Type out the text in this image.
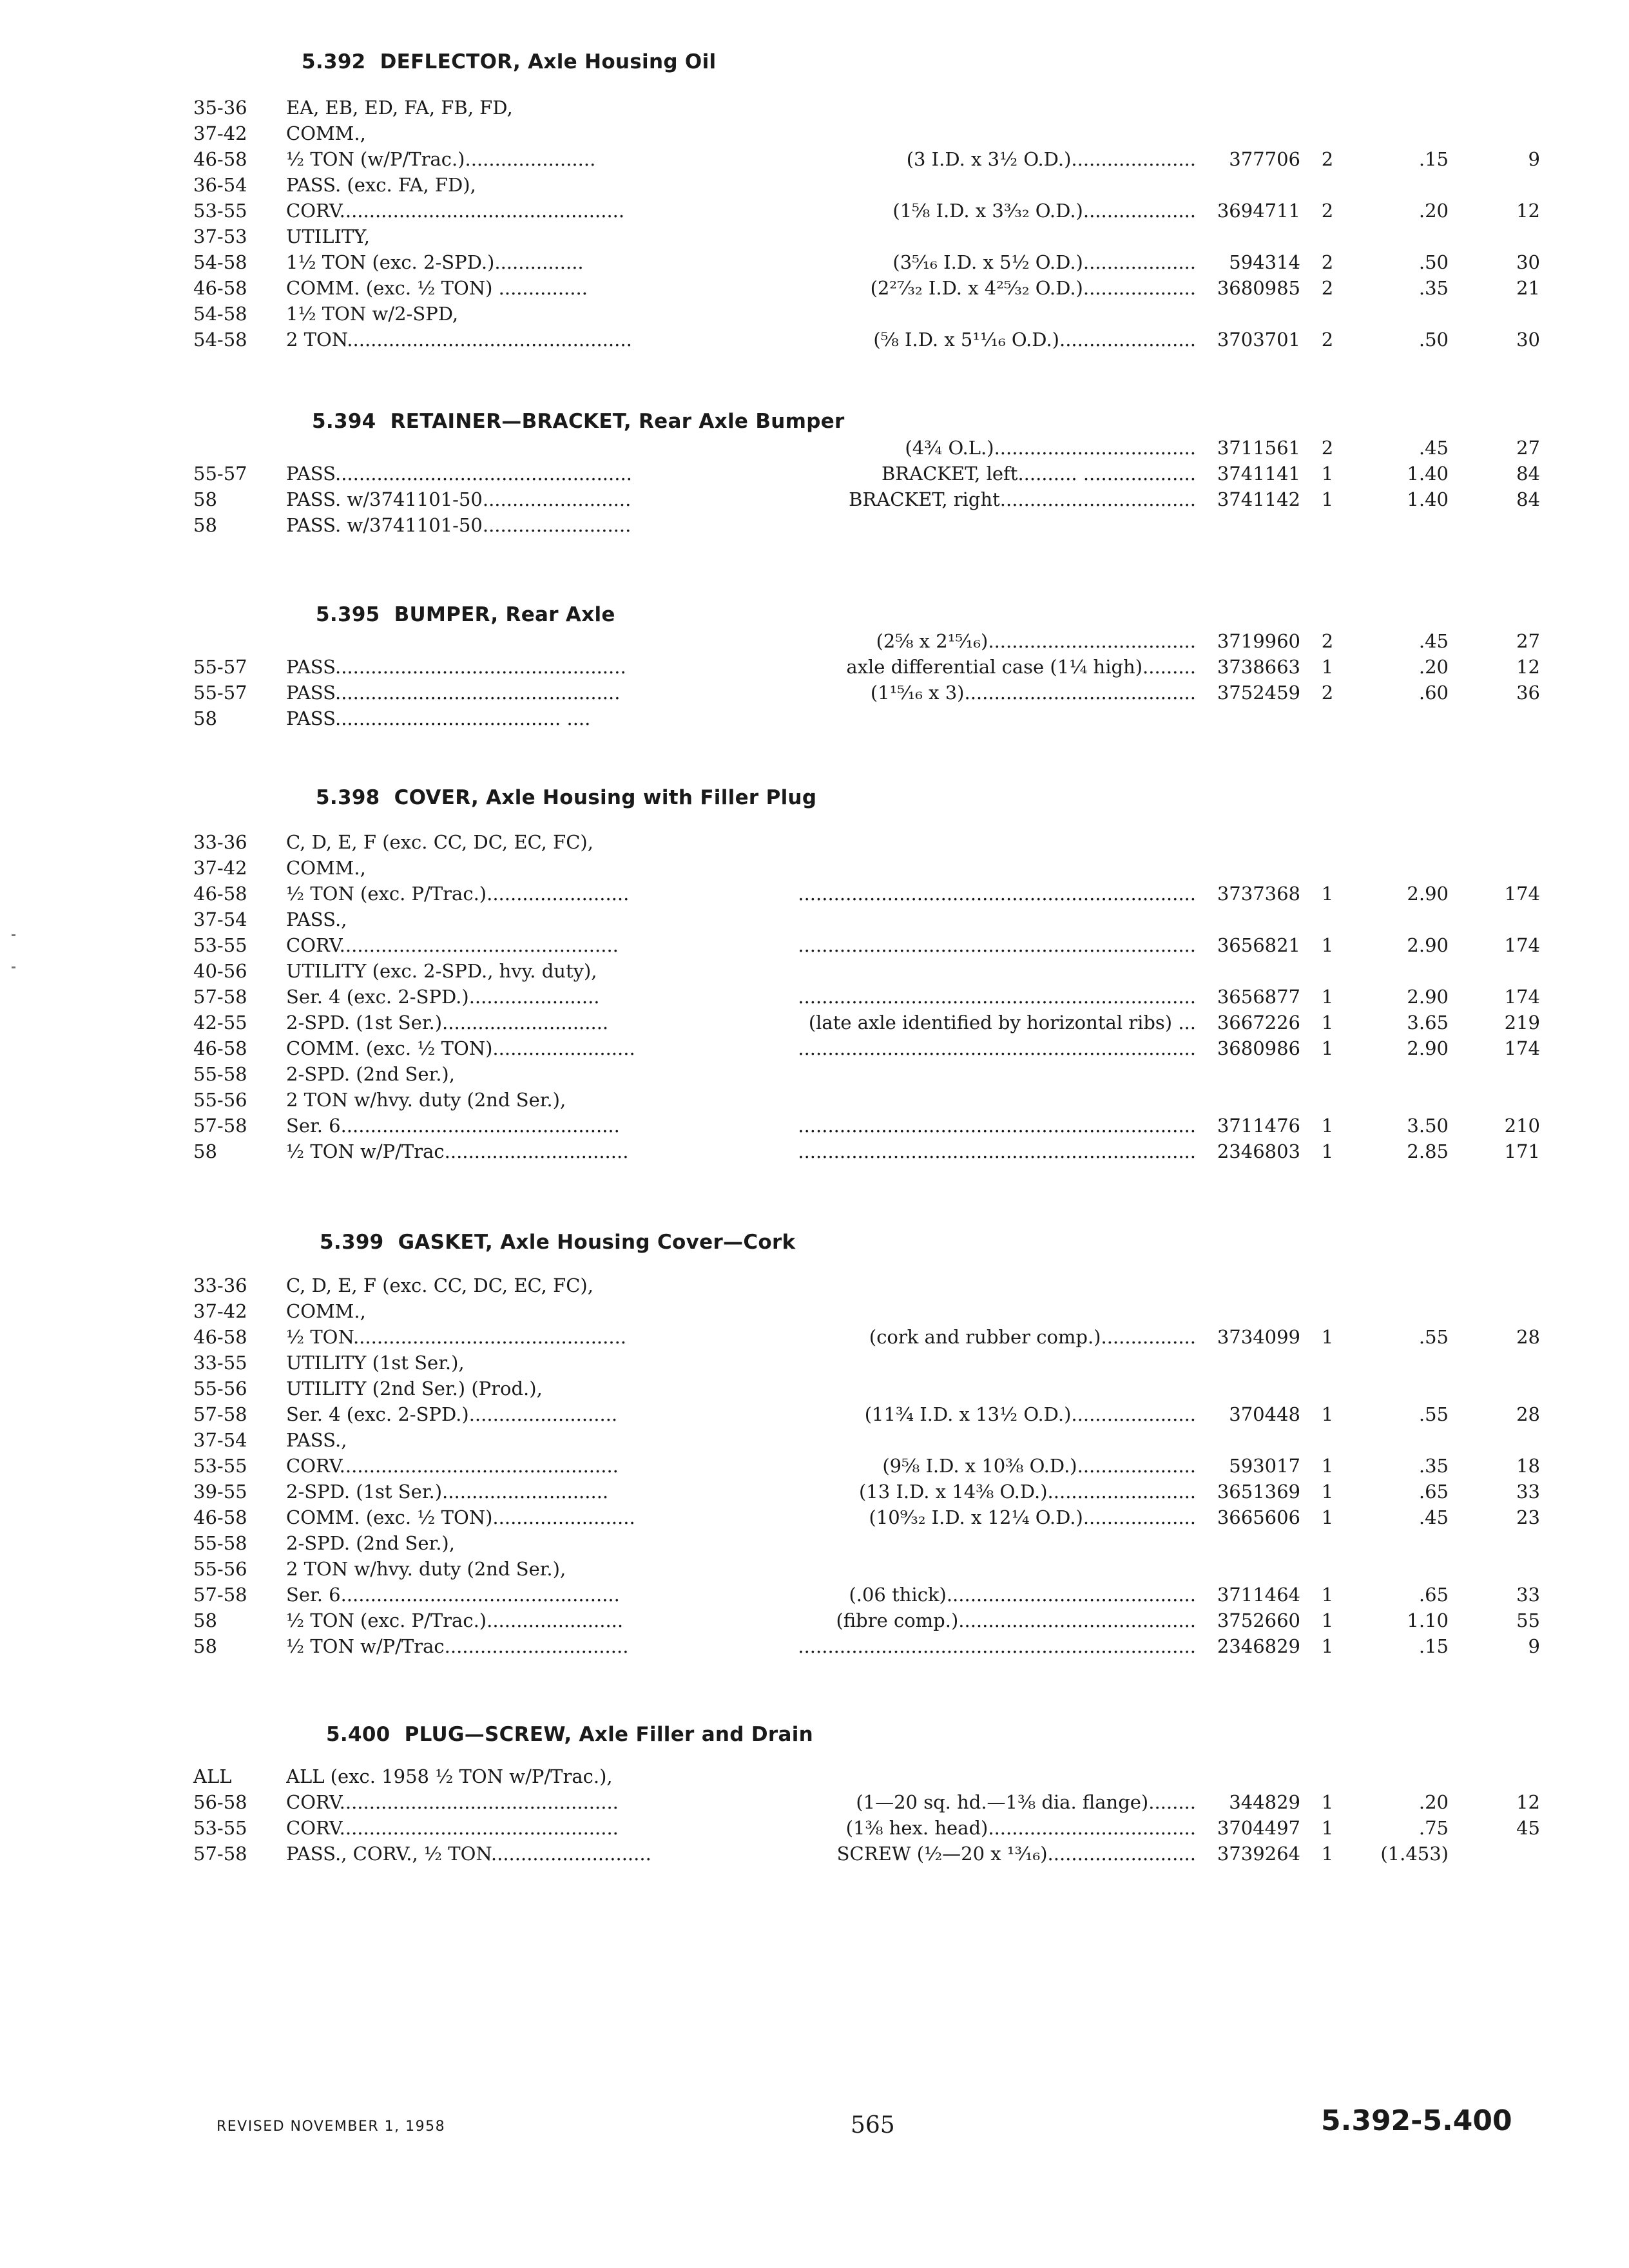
5.392 DEFLECTOR, Axle Housing Oil
35-36 EA, EB, ED, FA, FB, FD,
37-42 COMM.,
46-58 ½ TON (w/P/Trac.)......................	(3 I.D. x 3½ O.D.).....................	377706	2	.15	9
36-54 PASS. (exc. FA, FD),
53-55 CORV................................................	(1⅝ I.D. x 3³⁄₃₂ O.D.)...................	3694711	2	.20	12
37-53 UTILITY,
54-58 1½ TON (exc. 2-SPD.)...............	(3⁵⁄₁₆ I.D. x 5½ O.D.)...................	594314	2	.50	30
46-58 COMM. (exc. ½ TON) ...............	(2²⁷⁄₃₂ I.D. x 4²⁵⁄₃₂ O.D.)...................	3680985	2	.35	21
54-58 1½ TON w/2-SPD,
54-58 2 TON................................................	(⅝ I.D. x 5¹¹⁄₁₆ O.D.).......................	3703701	2	.50	30
5.394 RETAINER—BRACKET, Rear Axle Bumper
(4¾ O.L.)..................................	3711561	2	.45	27
55-57 PASS..................................................	BRACKET, left.......... ...................	3741141	1	1.40	84
58	PASS. w/3741101-50.........................	BRACKET, right.................................	3741142	1	1.40	84
58	PASS. w/3741101-50.........................
5.395 BUMPER, Rear Axle
(2⅝ x 2¹⁵⁄₁₆)...................................	3719960	2	.45	27
55-57 PASS.................................................	axle differential case (1¼ high).........	3738663	1	.20	12
55-57 PASS................................................	(1¹⁵⁄₁₆ x 3).......................................	3752459	2	.60	36
58	PASS...................................... ....
5.398 COVER, Axle Housing with Filler Plug
33-36 C, D, E, F (exc. CC, DC, EC, FC),
37-42 COMM.,
46-58 ½ TON (exc. P/Trac.)........................	...................................................................	3737368	1	2.90	174
37-54 PASS.,
53-55 CORV...............................................	...................................................................	3656821	1	2.90	174
40-56 UTILITY (exc. 2-SPD., hvy. duty),
57-58 Ser. 4 (exc. 2-SPD.)......................	...................................................................	3656877	1	2.90	174
42-55 2-SPD. (1st Ser.)............................	(late axle identified by horizontal ribs) ...	3667226	1	3.65	219
46-58 COMM. (exc. ½ TON)........................	...................................................................	3680986	1	2.90	174
55-58 2-SPD. (2nd Ser.),
55-56 2 TON w/hvy. duty (2nd Ser.),
57-58 Ser. 6...............................................	...................................................................	3711476	1	3.50	210
58	½ TON w/P/Trac...............................	...................................................................	2346803	1	2.85	171
5.399 GASKET, Axle Housing Cover—Cork
33-36 C, D, E, F (exc. CC, DC, EC, FC),
37-42 COMM.,
46-58 ½ TON..............................................	(cork and rubber comp.)................	3734099	1	.55	28
33-55 UTILITY (1st Ser.),
55-56 UTILITY (2nd Ser.) (Prod.),
57-58 Ser. 4 (exc. 2-SPD.).........................	(11¾ I.D. x 13½ O.D.).....................	370448	1	.55	28
37-54 PASS.,
53-55 CORV...............................................	(9⅝ I.D. x 10⅜ O.D.)....................	593017	1	.35	18
39-55 2-SPD. (1st Ser.)............................	(13 I.D. x 14⅜ O.D.).........................	3651369	1	.65	33
46-58 COMM. (exc. ½ TON)........................	(10⁹⁄₃₂ I.D. x 12¼ O.D.)...................	3665606	1	.45	23
55-58 2-SPD. (2nd Ser.),
55-56 2 TON w/hvy. duty (2nd Ser.),
57-58 Ser. 6...............................................	(.06 thick)..........................................	3711464	1	.65	33
58	½ TON (exc. P/Trac.).......................	(fibre comp.)........................................	3752660	1	1.10	55
58	½ TON w/P/Trac...............................	...................................................................	2346829	1	.15	9
5.400 PLUG—SCREW, Axle Filler and Drain
ALL	ALL (exc. 1958 ½ TON w/P/Trac.),
56-58 CORV...............................................	(1—20 sq. hd.—1⅜ dia. flange)........	344829	1	.20	12
53-55 CORV...............................................	(1⅜ hex. head)...................................	3704497	1	.75	45
57-58 PASS., CORV., ½ TON...........................	SCREW (½—20 x ¹³⁄₁₆).........................	3739264	1	(1.453)
REVISED NOVEMBER 1, 1958	565	5.392-5.400
